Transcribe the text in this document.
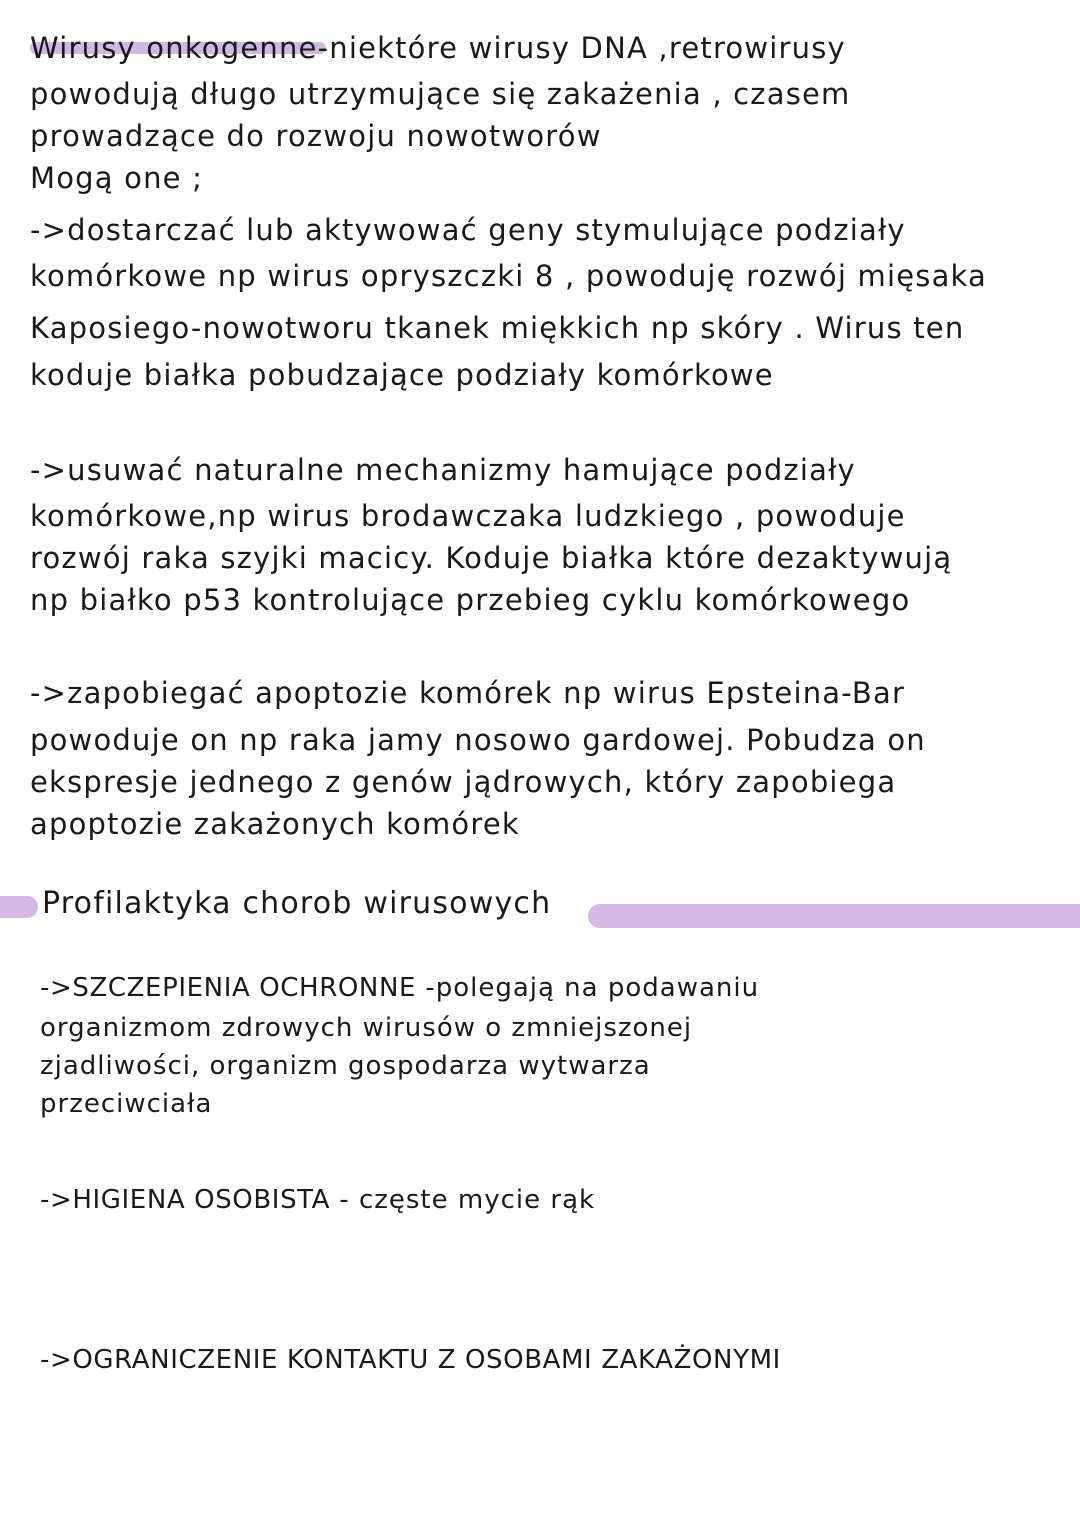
Wirusy onkogenne-niektóre wirusy DNA ,retrowirusy
powodują długo utrzymujące się zakażenia , czasem
prowadzące do rozwoju nowotworów
Mogą one ;
->dostarczać lub aktywować geny stymulujące podziały
komórkowe np wirus opryszczki 8 , powoduję rozwój mięsaka
Kaposiego-nowotworu tkanek miękkich np skóry . Wirus ten
koduje białka pobudzające podziały komórkowe
->usuwać naturalne mechanizmy hamujące podziały
komórkowe,np wirus brodawczaka ludzkiego , powoduje
rozwój raka szyjki macicy. Koduje białka które dezaktywują
np białko p53 kontrolujące przebieg cyklu komórkowego
->zapobiegać apoptozie komórek np wirus Epsteina-Bar
powoduje on np raka jamy nosowo gardowej. Pobudza on
ekspresje jednego z genów jądrowych, który zapobiega
apoptozie zakażonych komórek
Profilaktyka chorob wirusowych
->SZCZEPIENIA OCHRONNE -polegają na podawaniu
organizmom zdrowych wirusów o zmniejszonej
zjadliwości, organizm gospodarza wytwarza
przeciwciała
->HIGIENA OSOBISTA - częste mycie rąk
->OGRANICZENIE KONTAKTU Z OSOBAMI ZAKAŻONYMI
